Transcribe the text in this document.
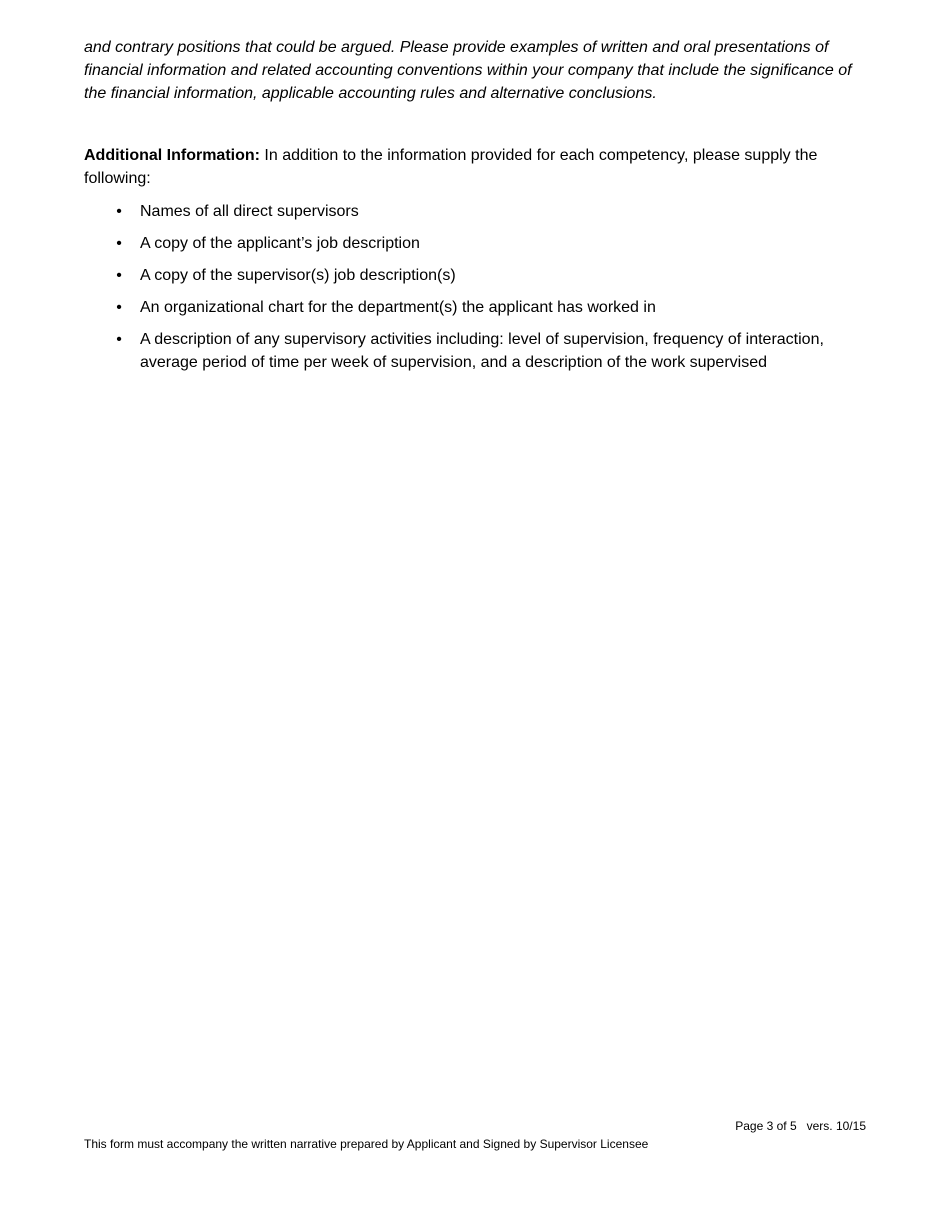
and contrary positions that could be argued. Please provide examples of written and oral presentations of financial information and related accounting conventions within your company that include the significance of the financial information, applicable accounting rules and alternative conclusions.

Additional Information: In addition to the information provided for each competency, please supply the following:

• Names of all direct supervisors
• A copy of the applicant’s job description
• A copy of the supervisor(s) job description(s)
• An organizational chart for the department(s) the applicant has worked in
• A description of any supervisory activities including: level of supervision, frequency of interaction, average period of time per week of supervision, and a description of the work supervised
Page 3 of 5   vers. 10/15
This form must accompany the written narrative prepared by Applicant and Signed by Supervisor Licensee
